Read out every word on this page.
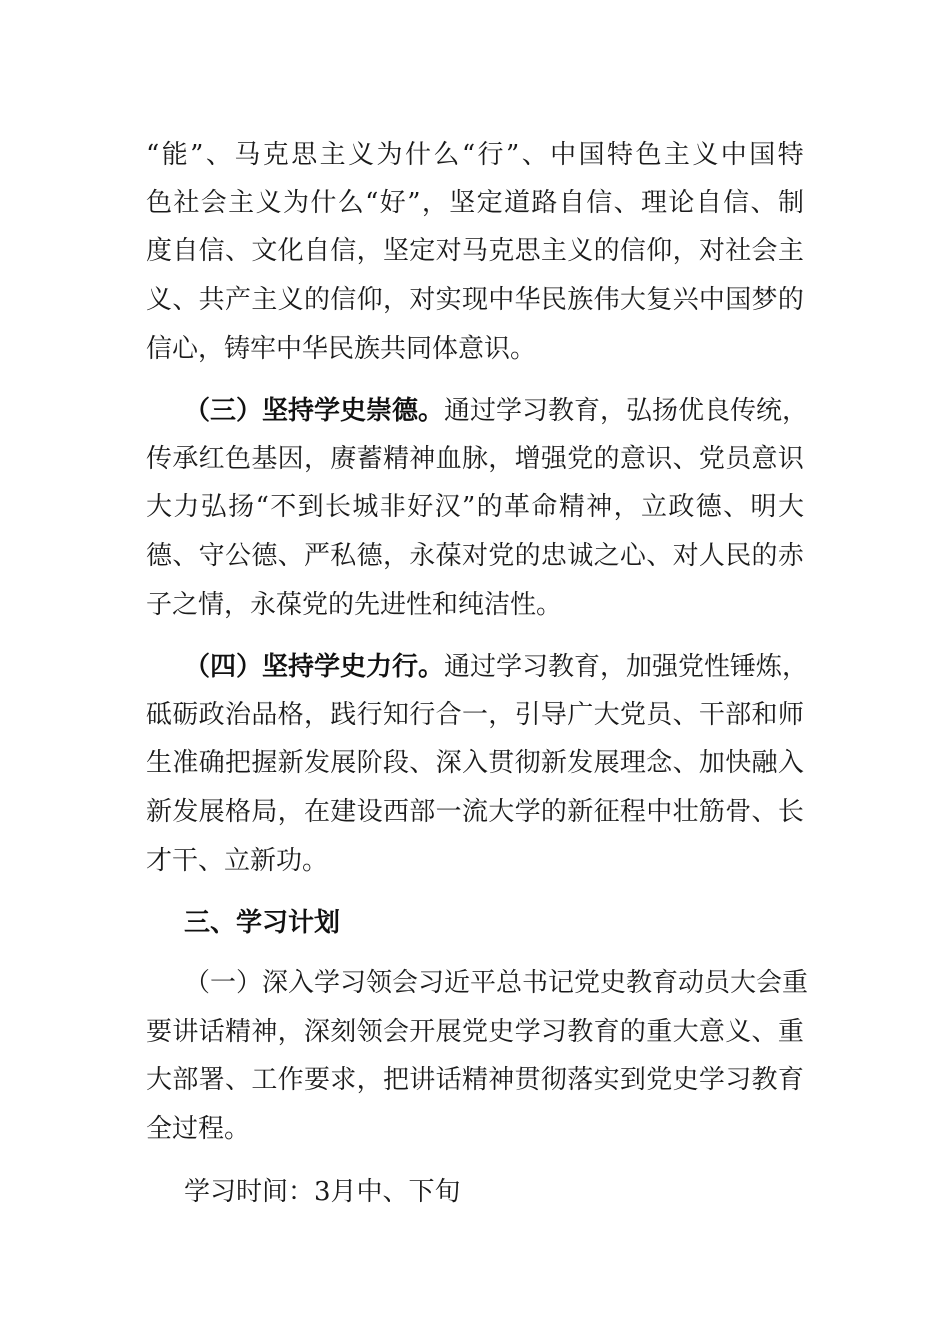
“ 能 ” 、 马 克 思 主 义 为 什 么 “ 行 ” 、 中 国 特 色 主 义 中 国 特
色 社 会 主 义 为 什 么 “ 好 ” ， 坚 定 道 路 自 信 、 理 论 自 信 、 制
度 自 信 、 文 化 自 信 ， 坚 定 对 马 克 思 主 义 的 信 仰 ， 对 社 会 主
义 、 共 产 主 义 的 信 仰 ， 对 实 现 中 华 民 族 伟 大 复 兴 中 国 梦 的
信心，铸牢中华民族共同体意识。
（三）坚持学史崇德。通过学习教育，弘扬优良传统，
传 承 红 色 基 因 ， 赓 蓄 精 神 血 脉 ， 增 强 党 的 意 识 、 党 员 意 识
大 力 弘 扬 “ 不 到 长 城 非 好 汉 ” 的 革 命 精 神 ， 立 政 德 、 明 大
德 、 守 公 德 、 严 私 德 ， 永 葆 对 党 的 忠 诚 之 心 、 对 人 民 的 赤
子之情，永葆党的先进性和纯洁性。
（四）坚持学史力行。通过学习教育，加强党性锤炼，
砥 砺 政 治 品 格 ， 践 行 知 行 合 一 ， 引 导 广 大 党 员 、 干 部 和 师
生 准 确 把 握 新 发 展 阶 段 、 深 入 贯 彻 新 发 展 理 念 、 加 快 融 入
新 发 展 格 局 ， 在 建 设 西 部 一 流 大 学 的 新 征 程 中 壮 筋 骨 、 长
才干、立新功。
三、学习计划
（一）深入学习领会习近平总书记党史教育动员大会重
要 讲 话 精 神 ， 深 刻 领 会 开 展 党 史 学 习 教 育 的 重 大 意 义 、 重
大 部 署 、 工 作 要 求 ， 把 讲 话 精 神 贯 彻 落 实 到 党 史 学 习 教 育
全过程。
学习时间：3月中、下旬
